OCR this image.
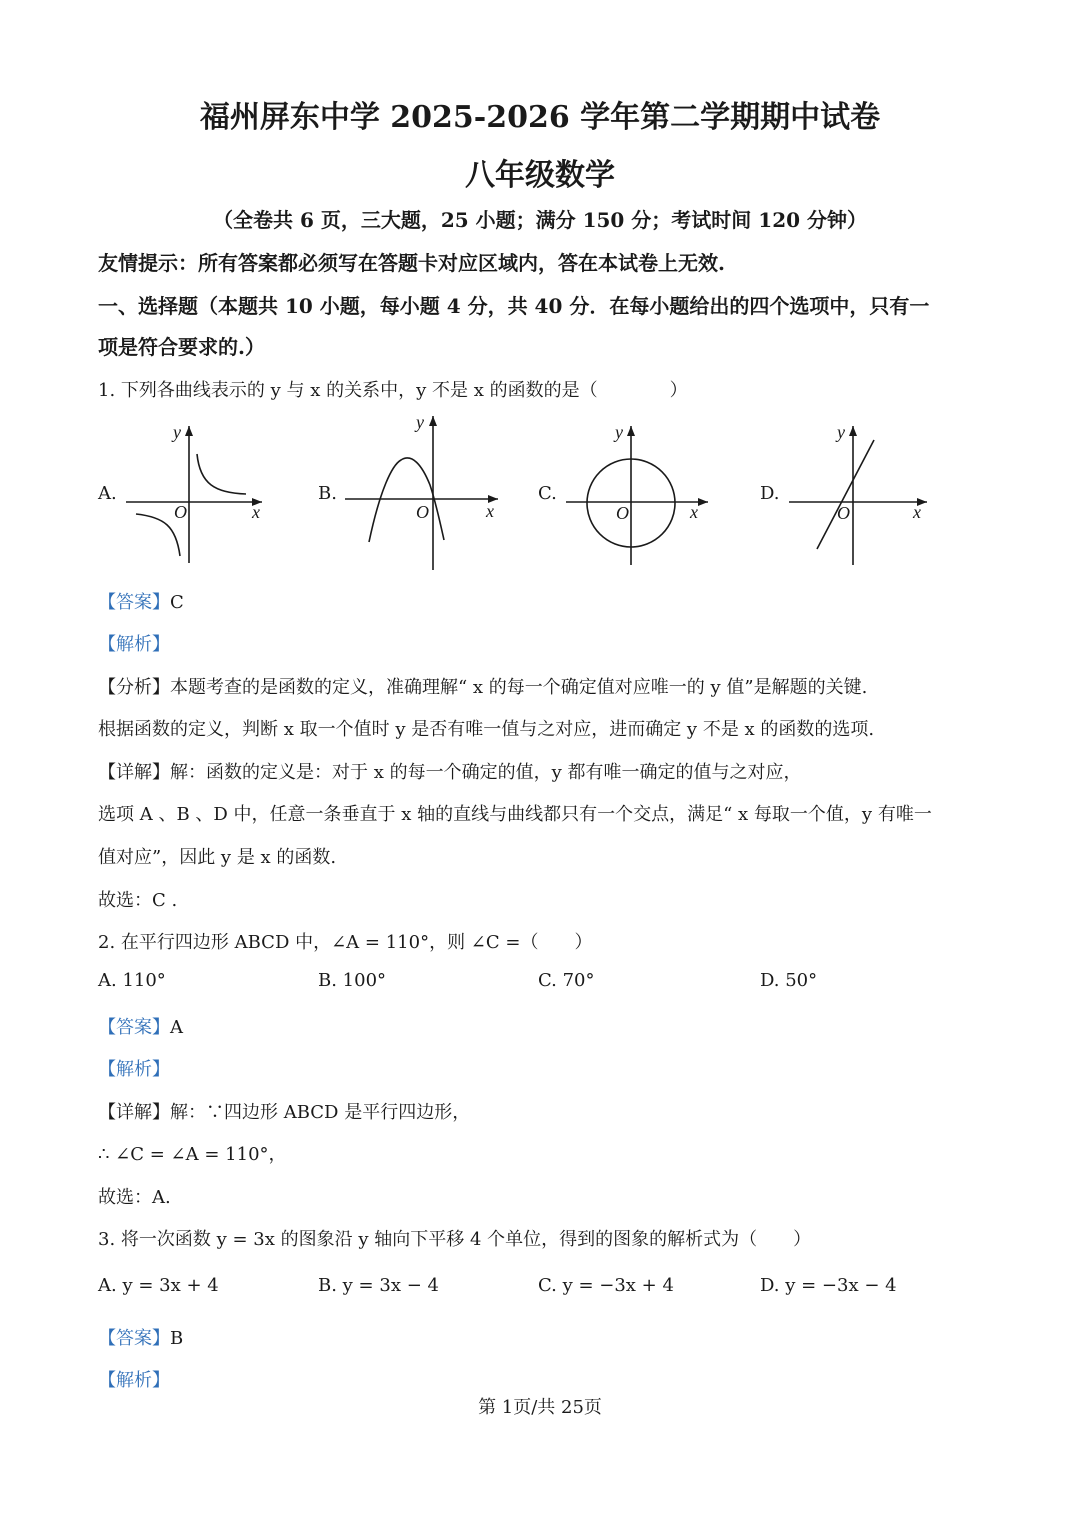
福州屏东中学 2025-2026 学年第二学期期中试卷
八年级数学
（全卷共 6 页，三大题，25 小题；满分 150 分；考试时间 120 分钟）
友情提示：所有答案都必须写在答题卡对应区域内，答在本试卷上无效.
一、选择题（本题共 10 小题，每小题 4 分，共 40 分．在每小题给出的四个选项中，只有一
项是符合要求的.）
1. 下列各曲线表示的 y 与 x 的关系中，y 不是 x 的函数的是（　　　　）
A.	B.	C.	D.
y
x
O
y
x
O
y
x
O
y
x
O
【答案】C
【解析】
【分析】本题考查的是函数的定义，准确理解“ x 的每一个确定值对应唯一的 y 值”是解题的关键.
根据函数的定义，判断 x 取一个值时 y 是否有唯一值与之对应，进而确定 y 不是 x 的函数的选项.
【详解】解：函数的定义是：对于 x 的每一个确定的值，y 都有唯一确定的值与之对应，
选项 A 、B 、D 中，任意一条垂直于 x 轴的直线与曲线都只有一个交点，满足“ x 每取一个值，y 有唯一
值对应”，因此 y 是 x 的函数.
故选：C .
2. 在平行四边形 ABCD 中，∠A = 110°，则 ∠C =（　　）
A. 110°	B. 100°	C. 70°	D. 50°
【答案】A
【解析】
【详解】解：∵四边形 ABCD 是平行四边形，
∴ ∠C = ∠A = 110°，
故选：A.
3. 将一次函数 y = 3x 的图象沿 y 轴向下平移 4 个单位，得到的图象的解析式为（　　）
A. y = 3x + 4	B. y = 3x − 4	C. y = −3x + 4	D. y = −3x − 4
【答案】B
【解析】
第 1页/共 25页
